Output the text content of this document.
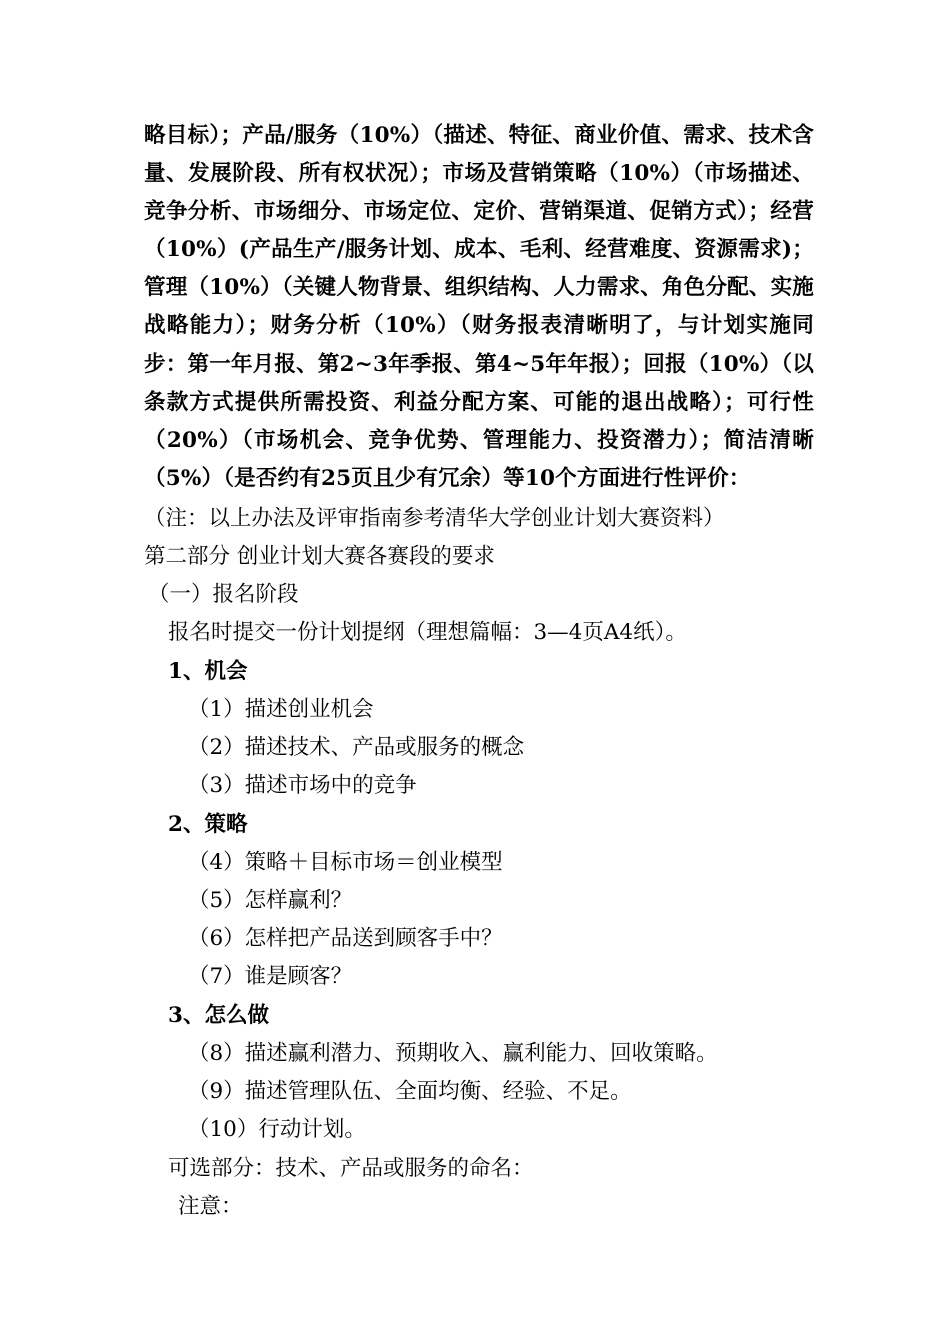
略目标）；产品/服务（10%）（描述、特征、商业价值、需求、技术含量、发展阶段、所有权状况）；市场及营销策略（10%）（市场描述、竞争分析、市场细分、市场定位、定价、营销渠道、促销方式）；经营（10%）(产品生产/服务计划、成本、毛利、经营难度、资源需求)；管理（10%）（关键人物背景、组织结构、人力需求、角色分配、实施战略能力）；财务分析（10%）（财务报表清晰明了，与计划实施同步：第一年月报、第2~3年季报、第4~5年年报）；回报（10%）（以条款方式提供所需投资、利益分配方案、可能的退出战略）；可行性（20%）（市场机会、竞争优势、管理能力、投资潜力）；简洁清晰（5%）（是否约有25页且少有冗余）等10个方面进行性评价：
（注：以上办法及评审指南参考清华大学创业计划大赛资料）
第二部分 创业计划大赛各赛段的要求
（一）报名阶段
报名时提交一份计划提纲（理想篇幅：3—4页A4纸）。
1、机会
（1）描述创业机会
（2）描述技术、产品或服务的概念
（3）描述市场中的竞争
2、策略
（4）策略＋目标市场＝创业模型
（5）怎样赢利？
（6）怎样把产品送到顾客手中？
（7）谁是顾客？
3、怎么做
（8）描述赢利潜力、预期收入、赢利能力、回收策略。
（9）描述管理队伍、全面均衡、经验、不足。
（10）行动计划。
可选部分：技术、产品或服务的命名：
注意：
